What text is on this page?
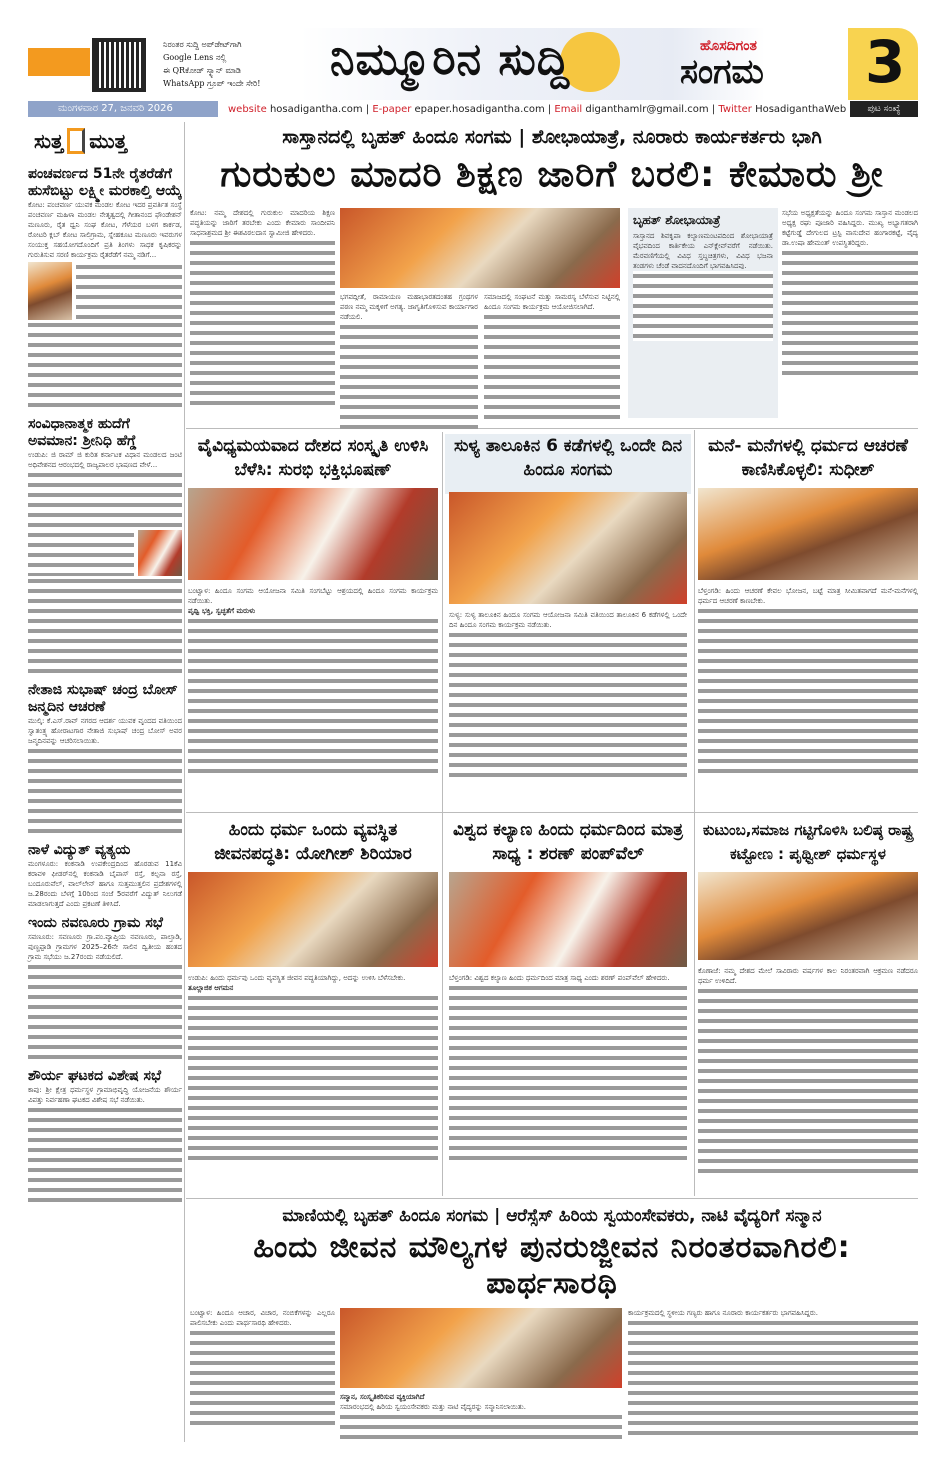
ನಿರಂತರ ಸುದ್ದಿ ಅಪ್‌ಡೇಟ್‌ಗಾಗಿ
Google Lens ನಲ್ಲಿ
ಈ QRಕೋಡ್ ಸ್ಕ್ಯಾನ್ ಮಾಡಿ
WhatsApp ಗ್ರೂಪ್ ಇಂದೇ ಸೇರಿ!	ನಿಮ್ಮೂರಿನ ಸುದ್ದಿ	ಹೊಸದಿಗಂತ
ಸಂಗಮ 3
ಮಂಗಳವಾರ 27, ಜನವರಿ 2026	website hosadigantha.com | E-paper epaper.hosadigantha.com | Email diganthamlr@gmail.com | Twitter HosadiganthaWeb	ಪುಟ ಸಂಖ್ಯೆ
ಸುತ್ತ ಮುತ್ತ
ಪಂಚವರ್ಣದ 51ನೇ ರೈತರೆಡೆಗೆ ಹುಸೆಬಿಟ್ಟು ಲಕ್ಷ್ಮೀ ಮರಕಾಲ್ತಿ ಆಯ್ಕೆ
ಕೋಟ: ಪಂಚವರ್ಣ ಯುವಕ ಮಂಡಲ ಕೋಟ ಇದರ ಪ್ರವರ್ತಿತ ಸಂಸ್ಥೆ ಪಂಚವರ್ಣ ಮಹಿಳಾ ಮಂಡಲ ನೇತೃತ್ವದಲ್ಲಿ ಗೀತಾನಂದ ಫೌಂಡೇಶನ್ ಮಣೂರು, ರೈತ ಧ್ವನಿ ಸಂಘ ಕೋಟ, ಗೆಳೆಯರ ಬಳಗ ಕಾರ್ಕಡ, ರೋಟರಿ ಕ್ಲಬ್ ಕೋಟ ಸಾಲಿಗ್ರಾಮ, ಸ್ನೇಹಕೂಟ ಮಣೂರು ಇವರುಗಳ ಸಂಯುಕ್ತ ಸಹಯೋಗದೊಂದಿಗೆ ಪ್ರತಿ ತಿಂಗಳು ಸಾಧಕ ಕೃಷಿಕರನ್ನು ಗುರುತಿಸುವ ಸರಣಿ ಕಾರ್ಯಕ್ರಮ ರೈತರೆಡೆಗೆ ನಮ್ಮ ನಡಿಗೆ...
ಸಂವಿಧಾನಾತ್ಮಕ ಹುದೆಗೆ ಅವಮಾನ: ಶ್ರೀನಿಧಿ ಹೆಗ್ಡೆ
ಉಡುಪಿ: ಜಿ ರಾಮ್ ಜಿ ಕುರಿತ ಕರ್ನಾಟಕ ವಿಧಾನ ಮಂಡಲದ ಜಂಟಿ ಅಧಿವೇಶನದ ಆರಂಭದಲ್ಲಿ ರಾಜ್ಯಪಾಲರ ಭಾಷಣದ ವೇಳೆ...
ನೇತಾಜಿ ಸುಭಾಷ್ ಚಂದ್ರ ಬೋಸ್ ಜನ್ಮದಿನ ಆಚರಣೆ
ಮುಲ್ಕಿ: ಕೆ.ಎಸ್.ರಾವ್ ನಗರದ ಆದರ್ಶ ಯುವಕ ವೃಂದದ ವತಿಯಿಂದ ಸ್ವಾತಂತ್ರ್ಯ ಹೋರಾಟಗಾರ ನೇತಾಜಿ ಸುಭಾಷ್ ಚಂದ್ರ ಬೋಸ್ ಅವರ ಜನ್ಮದಿನವನ್ನು ಆಚರಿಸಲಾಯಿತು.
ನಾಳೆ ವಿದ್ಯುತ್ ವ್ಯತ್ಯಯ
ಮಂಗಳೂರು: ಕಂಕನಾಡಿ ಉಪಕೇಂದ್ರದಿಂದ ಹೊರಡುವ 11ಕೆವಿ ಕರಾವಳಿ ಫೀಡರ್‌ನಲ್ಲಿ ಕಂಕನಾಡಿ ಬೈಪಾಸ್ ರಸ್ತೆ, ಕಲ್ಪನಾ ರಸ್ತೆ, ಬಂದೂರುವೆಲ್, ವಾಲ್‌ಲೇನ್ ಹಾಗೂ ಸುತ್ತಮುತ್ತಲಿನ ಪ್ರದೇಶಗಳಲ್ಲಿ ಜ.28ರಂದು ಬೆಳಗ್ಗೆ 10ರಿಂದ ಸಂಜೆ 5ರವರೆಗೆ ವಿದ್ಯುತ್ ನಿಲುಗಡೆ ಮಾಡಲಾಗುತ್ತದೆ ಎಂದು ಪ್ರಕಟಣೆ ತಿಳಿಸಿದೆ.
ಇಂದು ನವಣೂರು ಗ್ರಾಮ ಸಭೆ
ಸವಣೂರು: ಸವಣೂರು ಗ್ರಾ.ಪಂ.ವ್ಯಾಪ್ತಿಯ ನವಣೂರು, ಪಾಲ್ತಾಡಿ, ಪುಣ್ಚಪ್ಪಾಡಿ ಗ್ರಾಮಗಳ 2025–26ನೇ ಸಾಲಿನ ದ್ವಿತೀಯ ಹಂತದ ಗ್ರಾಮ ಸಭೆಯು ಜ.27ರಂದು ನಡೆಯಲಿದೆ.
ಶೌರ್ಯ ಘಟಕದ ವಿಶೇಷ ಸಭೆ
ಕಾಪು: ಶ್ರೀ ಕ್ಷೇತ್ರ ಧರ್ಮಸ್ಥಳ ಗ್ರಾಮಾಭಿವೃದ್ಧಿ ಯೋಜನೆಯ ಶೌರ್ಯ ವಿಪತ್ತು ನಿರ್ವಹಣಾ ಘಟಕದ ವಿಶೇಷ ಸಭೆ ನಡೆಯಿತು.
ಸಾಸ್ತಾನದಲ್ಲಿ ಬೃಹತ್ ಹಿಂದೂ ಸಂಗಮ | ಶೋಭಾಯಾತ್ರೆ, ನೂರಾರು ಕಾರ್ಯಕರ್ತರು ಭಾಗಿ
ಗುರುಕುಲ ಮಾದರಿ ಶಿಕ್ಷಣ ಜಾರಿಗೆ ಬರಲಿ: ಕೇಮಾರು ಶ್ರೀ
ಕೋಟ: ನಮ್ಮ ದೇಶದಲ್ಲಿ ಗುರುಕುಲ ಮಾದರಿಯ ಶಿಕ್ಷಣ ಪದ್ಧತಿಯನ್ನು ಜಾರಿಗೆ ತರಬೇಕು ಎಂದು ಕೇಮಾರು ಸಾಂದೀಪನಿ ಸಾಧನಾಶ್ರಮದ ಶ್ರೀ ಈಶವಿಠಲದಾಸ ಸ್ವಾಮೀಜಿ ಹೇಳಿದರು.
ಭಗವದ್ಗೀತೆ, ರಾಮಾಯಣ ಮಹಾಭಾರತದಂತಹ ಗ್ರಂಥಗಳ ಪಠಣ ನಮ್ಮ ಮಕ್ಕಳಿಗೆ ಅಗತ್ಯ. ಜಾಗೃತಿಗೊಳಿಸುವ ಕಾರ್ಯಾಗಾರ ನಡೆಯಲಿ.
ಸಮಾಜದಲ್ಲಿ ಸಂಘಟನೆ ಮತ್ತು ಸಾಮರಸ್ಯ ಬೆಳೆಸುವ ನಿಟ್ಟಿನಲ್ಲಿ ಹಿಂದೂ ಸಂಗಮ ಕಾರ್ಯಕ್ರಮ ಆಯೋಜಿಸಲಾಗಿದೆ.
ಬೃಹತ್ ಶೋಭಾಯಾತ್ರೆ
ಸಾಸ್ತಾನದ ಶಿವಕೃಪಾ ಕಲ್ಯಾಣಮಂಟಪದಿಂದ ಶೋಭಾಯಾತ್ರೆ ವೈಭವದಿಂದ ಕಾರ್ತಿಕೇಯ ಎನ್‌ಕ್ಲೇವ್‌ವರೆಗೆ ನಡೆಯಿತು. ಮೆರವಣಿಗೆಯಲ್ಲಿ ವಿವಿಧ ಸ್ತಬ್ಧಚಿತ್ರಗಳು, ವಿವಿಧ ಭಜನಾ ತಂಡಗಳು ಚೆಂಡೆ ವಾದನದೊಂದಿಗೆ ಭಾಗವಹಿಸಿದವು.
ಸಭೆಯ ಅಧ್ಯಕ್ಷತೆಯನ್ನು ಹಿಂದೂ ಸಂಗಮ ಸಾಸ್ತಾನ ಮಂಡಲದ ಅಧ್ಯಕ್ಷ ರಘು ಪೂಜಾರಿ ವಹಿಸಿದ್ದರು. ಮುಖ್ಯ ಅಭ್ಯಾಗತರಾಗಿ ಕಟ್ಟೆಗುಡ್ಡೆ ದೇಗುಲದ ಟ್ರಸ್ಟಿ ವಾಸುದೇವ ಹಂಗಾರಕಟ್ಟೆ, ವೈದ್ಯ ಡಾ.ಉಷಾ ಹೇಮಂತ್ ಉಪಸ್ಥಿತರಿದ್ದರು.
ವೈವಿಧ್ಯಮಯವಾದ ದೇಶದ ಸಂಸ್ಕೃತಿ ಉಳಿಸಿ ಬೆಳೆಸಿ: ಸುರಭಿ ಭಕ್ತಿಭೂಷಣ್
ಬಂಟ್ವಾಳ: ಹಿಂದೂ ಸಂಗಮ ಆಯೋಜನಾ ಸಮಿತಿ ಸಂಗಬೆಟ್ಟು ಆಶ್ರಯದಲ್ಲಿ ಹಿಂದೂ ಸಂಗಮ ಕಾರ್ಯಕ್ರಮ ನಡೆಯಿತು.
ಪೃಥ್ವಿ ಭಕ್ತಿ, ಸ್ವಚ್ಛತೆಗೆ ಮರುಳು
ಸುಳ್ಯ ತಾಲೂಕಿನ 6 ಕಡೆಗಳಲ್ಲಿ ಒಂದೇ ದಿನ ಹಿಂದೂ ಸಂಗಮ
ಸುಳ್ಯ: ಸುಳ್ಯ ತಾಲೂಕಿನ ಹಿಂದೂ ಸಂಗಮ ಆಯೋಜನಾ ಸಮಿತಿ ವತಿಯಿಂದ ತಾಲೂಕಿನ 6 ಕಡೆಗಳಲ್ಲಿ ಒಂದೇ ದಿನ ಹಿಂದೂ ಸಂಗಮ ಕಾರ್ಯಕ್ರಮ ನಡೆಯಿತು.
ಮನೆ- ಮನೆಗಳಲ್ಲಿ ಧರ್ಮದ ಆಚರಣೆ ಕಾಣಿಸಿಕೊಳ್ಳಲಿ: ಸುಧೀಶ್
ಬೆಳ್ತಂಗಡಿ: ಹಿಂದು ಆಚರಣೆ ಕೇವಲ ಭೋಜನ, ಬಟ್ಟೆ ಮಾತ್ರ ಸೀಮಿತವಾಗದೆ ಮನೆ-ಮನೆಗಳಲ್ಲಿ ಧರ್ಮದ ಆಚರಣೆ ಕಾಣಬೇಕು.
ಹಿಂದು ಧರ್ಮ ಒಂದು ವ್ಯವಸ್ಥಿತ ಜೀವನಪದ್ಧತಿ: ಯೋಗೀಶ್ ಶಿರಿಯಾರ
ಉಡುಪಿ: ಹಿಂದು ಧರ್ಮವು ಒಂದು ವ್ಯವಸ್ಥಿತ ಜೀವನ ಪದ್ಧತಿಯಾಗಿದ್ದು, ಅದನ್ನು ಉಳಿಸಿ ಬೆಳೆಸಬೇಕು.
ತೂಲ್ಲಾಜಿಕ ಆಗಮನ
ವಿಶ್ವದ ಕಲ್ಯಾಣ ಹಿಂದು ಧರ್ಮದಿಂದ ಮಾತ್ರ ಸಾಧ್ಯ : ಶರಣ್ ಪಂಪ್‌ವೆಲ್
ಬೆಳ್ತಂಗಡಿ: ವಿಶ್ವದ ಕಲ್ಯಾಣ ಹಿಂದು ಧರ್ಮದಿಂದ ಮಾತ್ರ ಸಾಧ್ಯ ಎಂದು ಶರಣ್ ಪಂಪ್‌ವೆಲ್ ಹೇಳಿದರು.
ಕುಟುಂಬ,ಸಮಾಜ ಗಟ್ಟಿಗೊಳಿಸಿ ಬಲಿಷ್ಠ ರಾಷ್ಟ್ರ ಕಟ್ಟೋಣ : ಪೃಥ್ವೀಶ್ ಧರ್ಮಸ್ಥಳ
ಕೊಣಾಜೆ: ನಮ್ಮ ದೇಶದ ಮೇಲೆ ಸಾವಿರಾರು ವರ್ಷಗಳ ಕಾಲ ನಿರಂತರವಾಗಿ ಆಕ್ರಮಣ ನಡೆದರೂ ಧರ್ಮ ಉಳಿದಿದೆ.
ಮಾಣಿಯಲ್ಲಿ ಬೃಹತ್ ಹಿಂದೂ ಸಂಗಮ | ಆರೆಸ್ಸೆಸ್ ಹಿರಿಯ ಸ್ವಯಂಸೇವಕರು, ನಾಟಿ ವೈದ್ಯರಿಗೆ ಸನ್ಮಾನ
ಹಿಂದು ಜೀವನ ಮೌಲ್ಯಗಳ ಪುನರುಜ್ಜೀವನ ನಿರಂತರವಾಗಿರಲಿ: ಪಾರ್ಥಸಾರಥಿ
ಬಂಟ್ವಾಳ: ಹಿಂದೂ ಆಚಾರ, ವಿಚಾರ, ನಂಬಿಕೆಗಳನ್ನು ಎಲ್ಲರೂ ಪಾಲಿಸಬೇಕು ಎಂದು ಪಾರ್ಥಸಾರಥಿ ಹೇಳಿದರು.
ಸನ್ಮಾನ, ಸಂಸ್ಕೃತಿಕರಿಸುವ ವ್ಯಕ್ತಿಯಾಗಿದೆ
ಸಮಾರಂಭದಲ್ಲಿ ಹಿರಿಯ ಸ್ವಯಂಸೇವಕರು ಮತ್ತು ನಾಟಿ ವೈದ್ಯರನ್ನು ಸನ್ಮಾನಿಸಲಾಯಿತು.
ಕಾರ್ಯಕ್ರಮದಲ್ಲಿ ಸ್ಥಳೀಯ ಗಣ್ಯರು ಹಾಗೂ ನೂರಾರು ಕಾರ್ಯಕರ್ತರು ಭಾಗವಹಿಸಿದ್ದರು.
